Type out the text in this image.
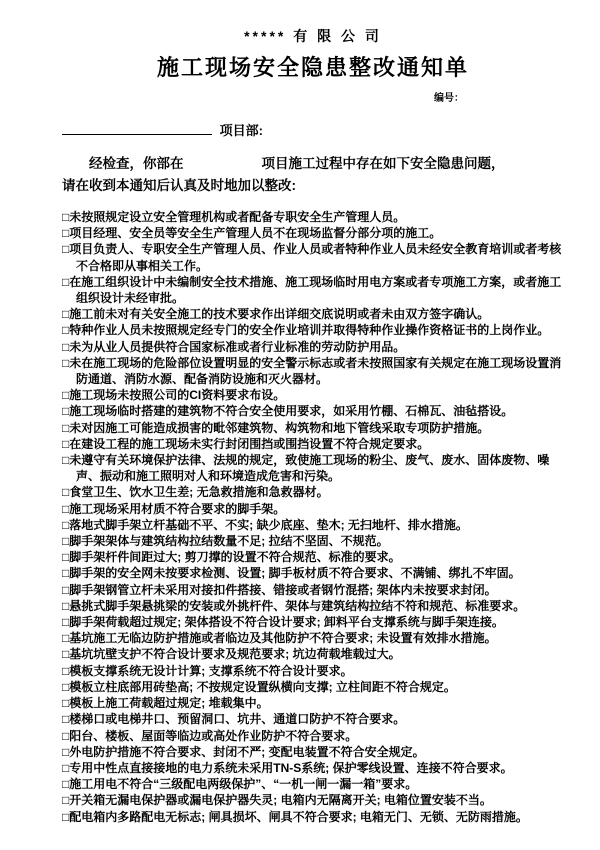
***** 有 限 公 司
施工现场安全隐患整改通知单
编号：
项目部:

经检查，你部在	项目施工过程中存在如下安全隐患问题，
请在收到本通知后认真及时地加以整改:

□未按照规定设立安全管理机构或者配备专职安全生产管理人员。
□项目经理、安全员等安全生产管理人员不在现场监督分部分项的施工。
□项目负责人、专职安全生产管理人员、作业人员或者特种作业人员未经安全教育培训或者考核不合格即从事相关工作。
□在施工组织设计中未编制安全技术措施、施工现场临时用电方案或者专项施工方案，或者施工组织设计未经审批。
□施工前未对有关安全施工的技术要求作出详细交底说明或者未由双方签字确认。
□特种作业人员未按照规定经专门的安全作业培训并取得特种作业操作资格证书的上岗作业。
□未为从业人员提供符合国家标准或者行业标准的劳动防护用品。
□未在施工现场的危险部位设置明显的安全警示标志或者未按照国家有关规定在施工现场设置消防通道、消防水源、配备消防设施和灭火器材。
□施工现场未按照公司的CI资料要求布设。
□施工现场临时搭建的建筑物不符合安全使用要求，如采用竹棚、石棉瓦、油毡搭设。
□未对因施工可能造成损害的毗邻建筑物、构筑物和地下管线采取专项防护措施。
□在建设工程的施工现场未实行封闭围挡或围挡设置不符合规定要求。
□未遵守有关环境保护法律、法规的规定，致使施工现场的粉尘、废气、废水、固体废物、噪声、振动和施工照明对人和环境造成危害和污染。
□食堂卫生、饮水卫生差; 无急救措施和急救器材。
□施工现场采用材质不符合要求的脚手架。
□落地式脚手架立杆基础不平、不实; 缺少底座、垫木; 无扫地杆、排水措施。
□脚手架架体与建筑结构拉结数量不足; 拉结不坚固、不规范。
□脚手架杆件间距过大; 剪刀撑的设置不符合规范、标准的要求。
□脚手架的安全网未按要求检测、设置; 脚手板材质不符合要求、不满铺、绑扎不牢固。
□脚手架钢管立杆未采用对接扣件搭接、错接或者钢竹混搭; 架体内未按要求封闭。
□悬挑式脚手架悬挑梁的安装或外挑杆件、架体与建筑结构拉结不符和规范、标准要求。
□脚手架荷载超过规定; 架体搭设不符合设计要求; 卸料平台支撑系统与脚手架连接。
□基坑施工无临边防护措施或者临边及其他防护不符合要求; 未设置有效排水措施。
□基坑坑壁支护不符合设计要求及规范要求; 坑边荷载堆载过大。
□模板支撑系统无设计计算; 支撑系统不符合设计要求。
□模板立柱底部用砖垫高; 不按规定设置纵横向支撑; 立柱间距不符合规定。
□模板上施工荷载超过规定; 堆载集中。
□楼梯口或电梯井口、预留洞口、坑井、通道口防护不符合要求。
□阳台、楼板、屋面等临边或高处作业防护不符合要求。
□外电防护措施不符合要求、封闭不严; 变配电装置不符合安全规定。
□专用中性点直接接地的电力系统未采用TN-S系统; 保护零线设置、连接不符合要求。
□施工用电不符合“三级配电两级保护”、“一机一闸一漏一箱”要求。
□开关箱无漏电保护器或漏电保护器失灵; 电箱内无隔离开关; 电箱位置安装不当。
□配电箱内多路配电无标志; 闸具损坏、闸具不符合要求; 电箱无门、无锁、无防雨措施。
